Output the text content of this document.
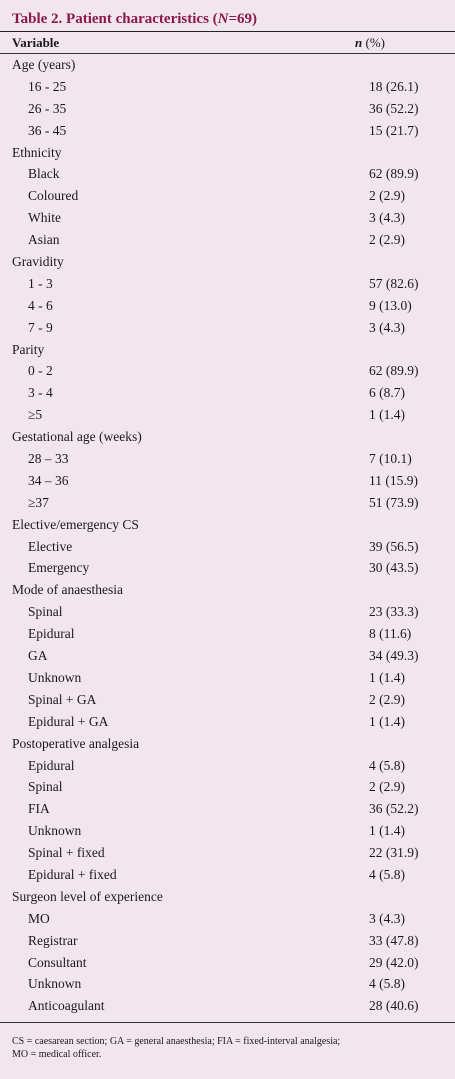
Table 2. Patient characteristics (N=69)
Variable	n (%)
Age (years)
16 - 25	18 (26.1)
26 - 35	36 (52.2)
36 - 45	15 (21.7)
Ethnicity
Black	62 (89.9)
Coloured	2 (2.9)
White	3 (4.3)
Asian	2 (2.9)
Gravidity
1 - 3	57 (82.6)
4 - 6	9 (13.0)
7 - 9	3 (4.3)
Parity
0 - 2	62 (89.9)
3 - 4	6 (8.7)
≥5	1 (1.4)
Gestational age (weeks)
28 – 33	7 (10.1)
34 – 36	11 (15.9)
≥37	51 (73.9)
Elective/emergency CS
Elective	39 (56.5)
Emergency	30 (43.5)
Mode of anaesthesia
Spinal	23 (33.3)
Epidural	8 (11.6)
GA	34 (49.3)
Unknown	1 (1.4)
Spinal + GA	2 (2.9)
Epidural + GA	1 (1.4)
Postoperative analgesia
Epidural	4 (5.8)
Spinal	2 (2.9)
FIA	36 (52.2)
Unknown	1 (1.4)
Spinal + fixed	22 (31.9)
Epidural + fixed	4 (5.8)
Surgeon level of experience
MO	3 (4.3)
Registrar	33 (47.8)
Consultant	29 (42.0)
Unknown	4 (5.8)
Anticoagulant	28 (40.6)
CS = caesarean section; GA = general anaesthesia; FIA = fixed-interval analgesia;
MO = medical officer.
